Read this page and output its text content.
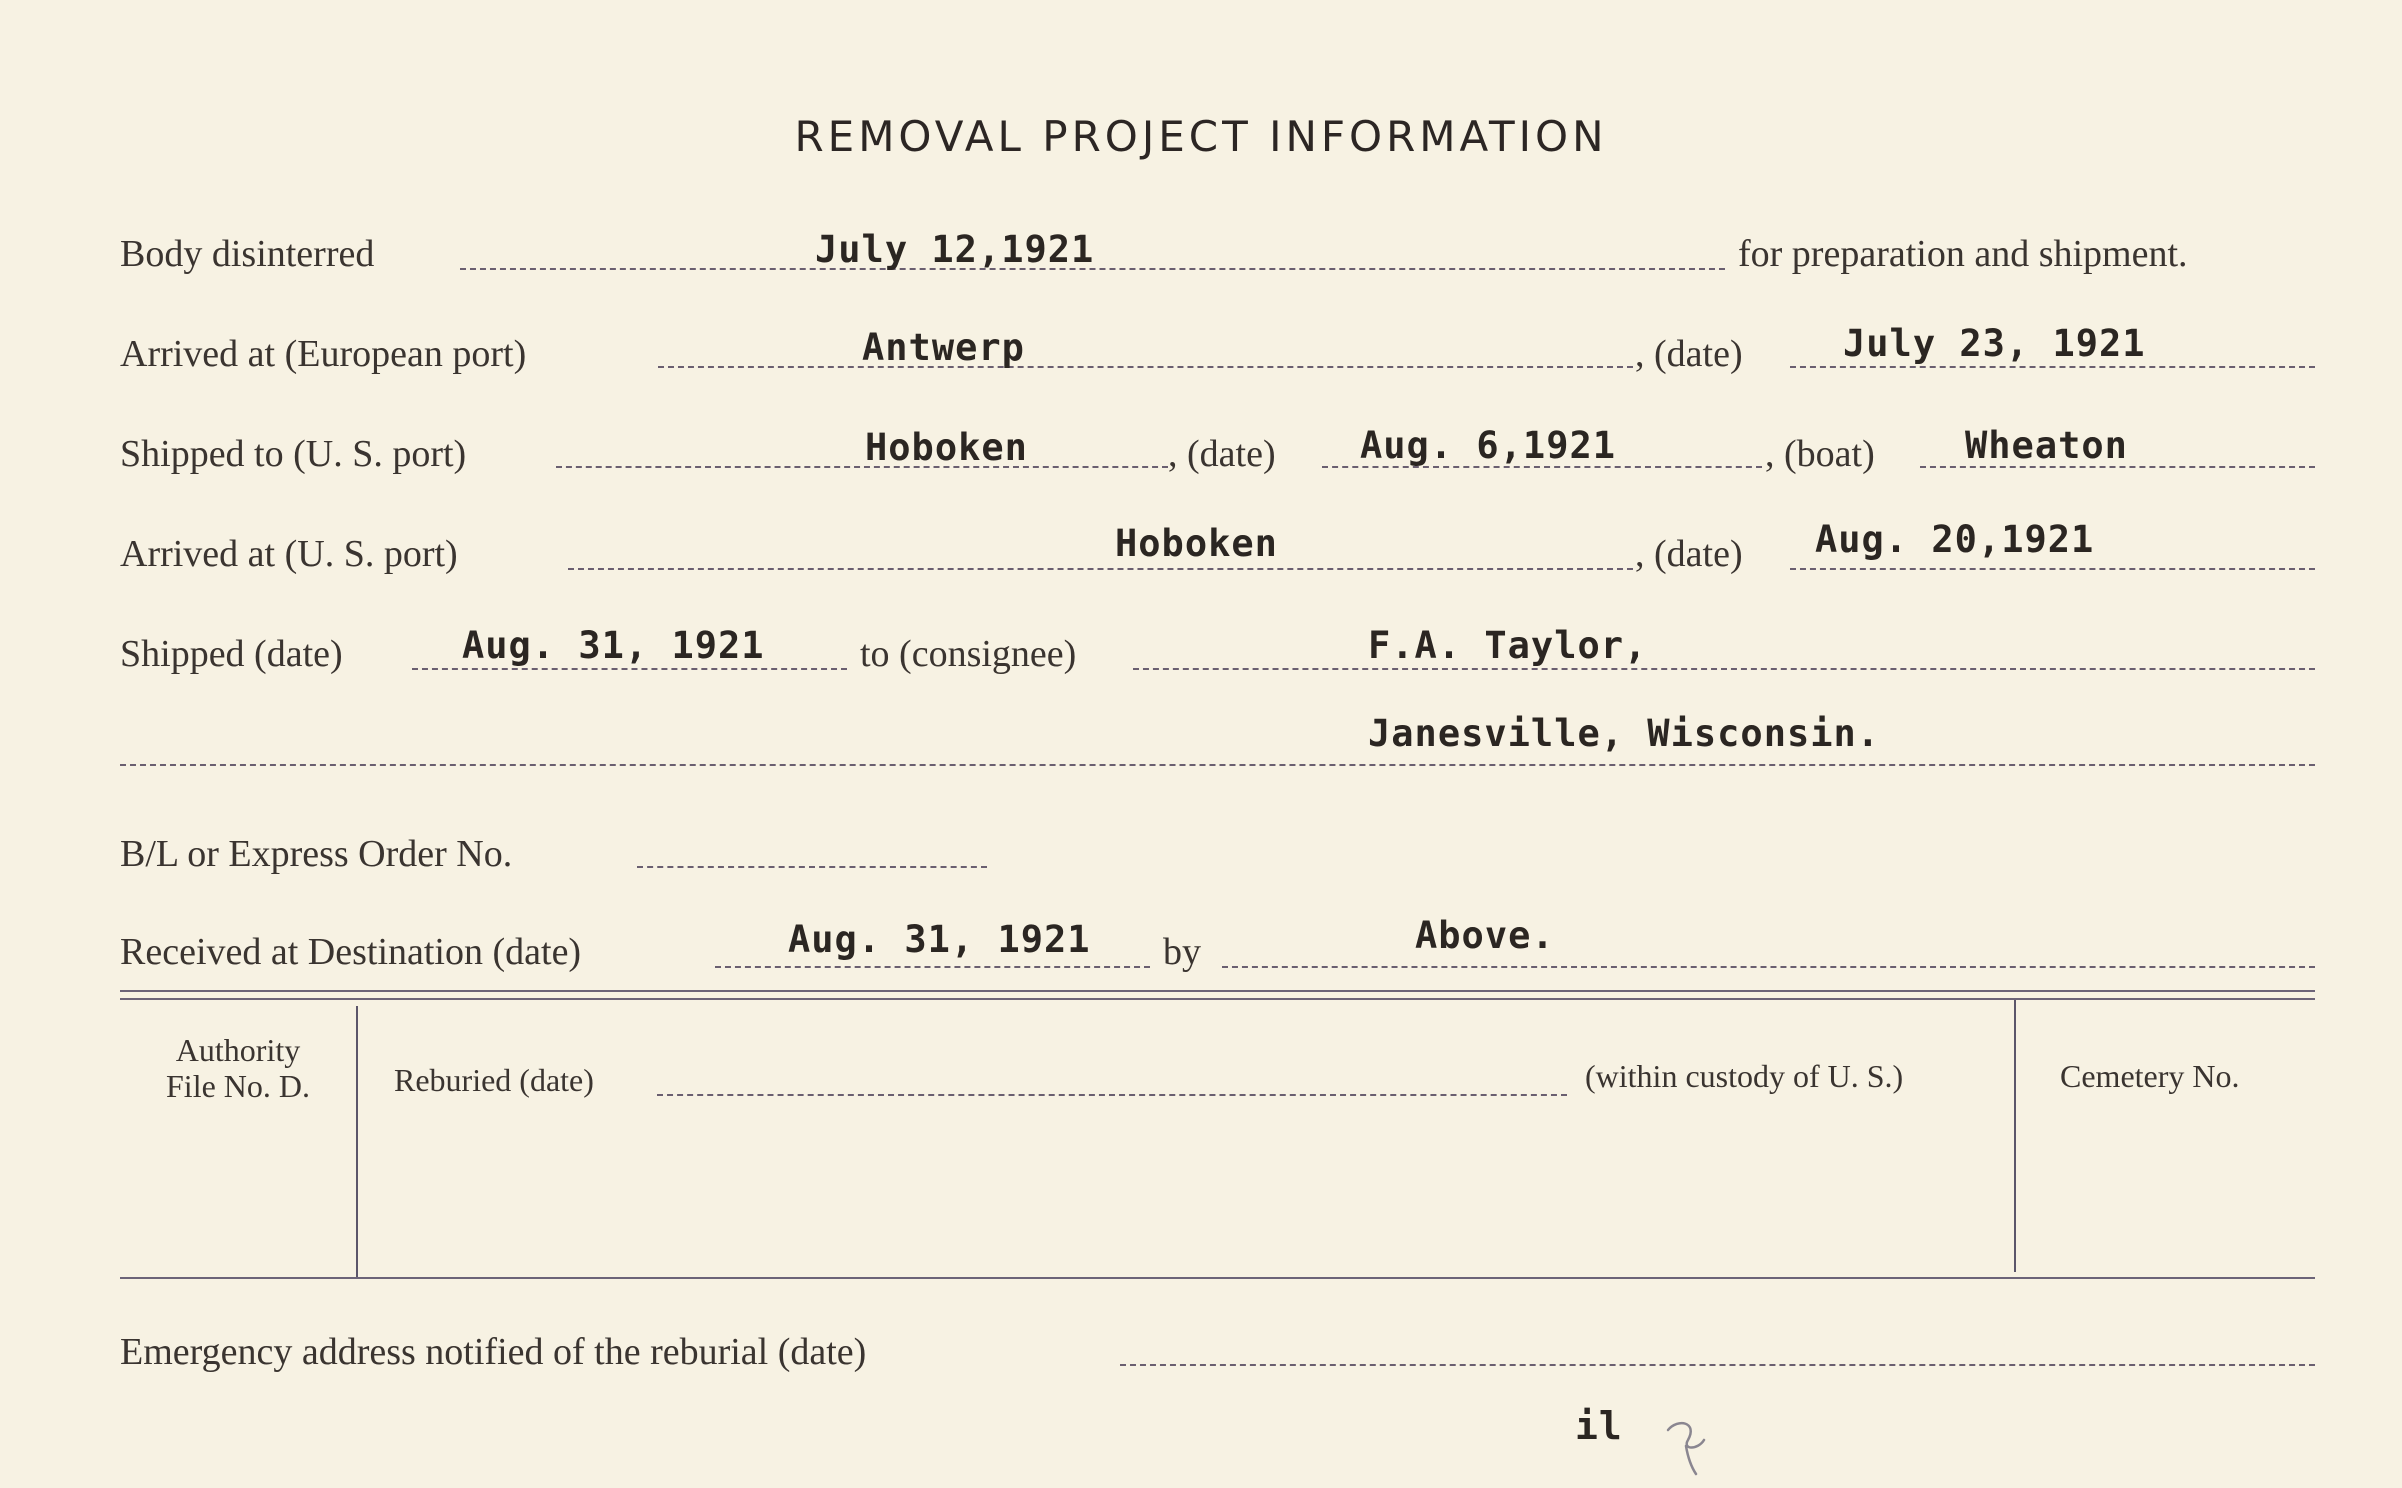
REMOVAL PROJECT INFORMATION
Body disinterred	July 12,1921	for preparation and shipment.
Arrived at (European port)	Antwerp	, (date)	July 23, 1921
Shipped to (U. S. port)	Hoboken	, (date) Aug. 6,1921	, (boat) Wheaton
Arrived at (U. S. port)	Hoboken	, (date) Aug. 20,1921
Shipped (date)	Aug. 31, 1921	to (consignee)	F.A. Taylor,
Janesville, Wisconsin.
B/L or Express Order No.
Received at Destination (date)	Aug. 31, 1921 by	Above.
Authority
File No. D.	Reburied (date)	(within custody of U. S.)	Cemetery No.
Emergency address notified of the reburial (date)
il
